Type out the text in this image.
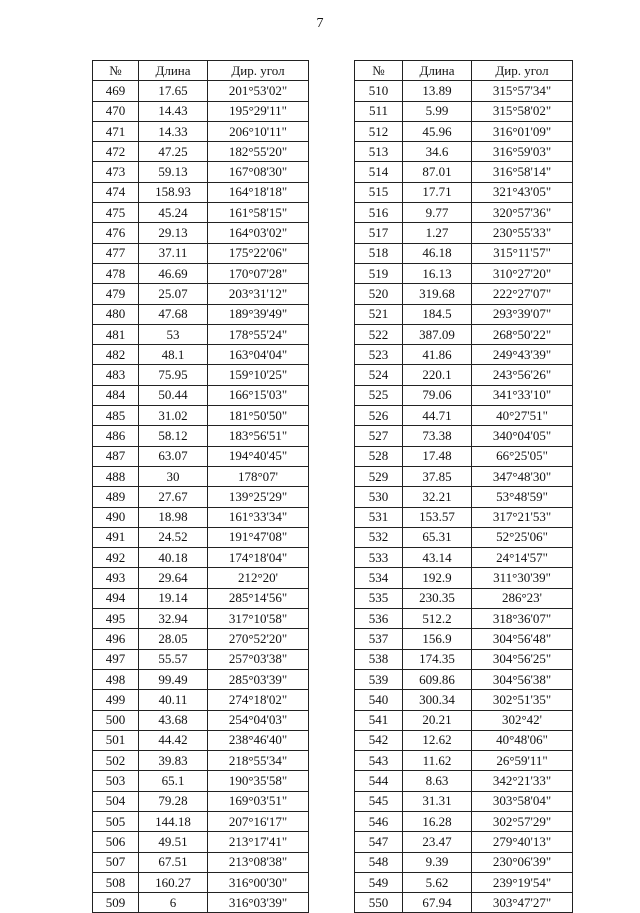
7
№	Длина	Дир. угол
469	17.65	201°53'02"
470	14.43	195°29'11"
471	14.33	206°10'11"
472	47.25	182°55'20"
473	59.13	167°08'30"
474	158.93	164°18'18"
475	45.24	161°58'15"
476	29.13	164°03'02"
477	37.11	175°22'06"
478	46.69	170°07'28"
479	25.07	203°31'12"
480	47.68	189°39'49"
481	53	178°55'24"
482	48.1	163°04'04"
483	75.95	159°10'25"
484	50.44	166°15'03"
485	31.02	181°50'50"
486	58.12	183°56'51"
487	63.07	194°40'45"
488	30	178°07'
489	27.67	139°25'29"
490	18.98	161°33'34"
491	24.52	191°47'08"
492	40.18	174°18'04"
493	29.64	212°20'
494	19.14	285°14'56"
495	32.94	317°10'58"
496	28.05	270°52'20"
497	55.57	257°03'38"
498	99.49	285°03'39"
499	40.11	274°18'02"
500	43.68	254°04'03"
501	44.42	238°46'40"
502	39.83	218°55'34"
503	65.1	190°35'58"
504	79.28	169°03'51"
505	144.18	207°16'17"
506	49.51	213°17'41"
507	67.51	213°08'38"
508	160.27	316°00'30"
509	6	316°03'39"
№	Длина	Дир. угол
510	13.89	315°57'34"
511	5.99	315°58'02"
512	45.96	316°01'09"
513	34.6	316°59'03"
514	87.01	316°58'14"
515	17.71	321°43'05"
516	9.77	320°57'36"
517	1.27	230°55'33"
518	46.18	315°11'57"
519	16.13	310°27'20"
520	319.68	222°27'07"
521	184.5	293°39'07"
522	387.09	268°50'22"
523	41.86	249°43'39"
524	220.1	243°56'26"
525	79.06	341°33'10"
526	44.71	40°27'51"
527	73.38	340°04'05"
528	17.48	66°25'05"
529	37.85	347°48'30"
530	32.21	53°48'59"
531	153.57	317°21'53"
532	65.31	52°25'06"
533	43.14	24°14'57"
534	192.9	311°30'39"
535	230.35	286°23'
536	512.2	318°36'07"
537	156.9	304°56'48"
538	174.35	304°56'25"
539	609.86	304°56'38"
540	300.34	302°51'35"
541	20.21	302°42'
542	12.62	40°48'06"
543	11.62	26°59'11"
544	8.63	342°21'33"
545	31.31	303°58'04"
546	16.28	302°57'29"
547	23.47	279°40'13"
548	9.39	230°06'39"
549	5.62	239°19'54"
550	67.94	303°47'27"
